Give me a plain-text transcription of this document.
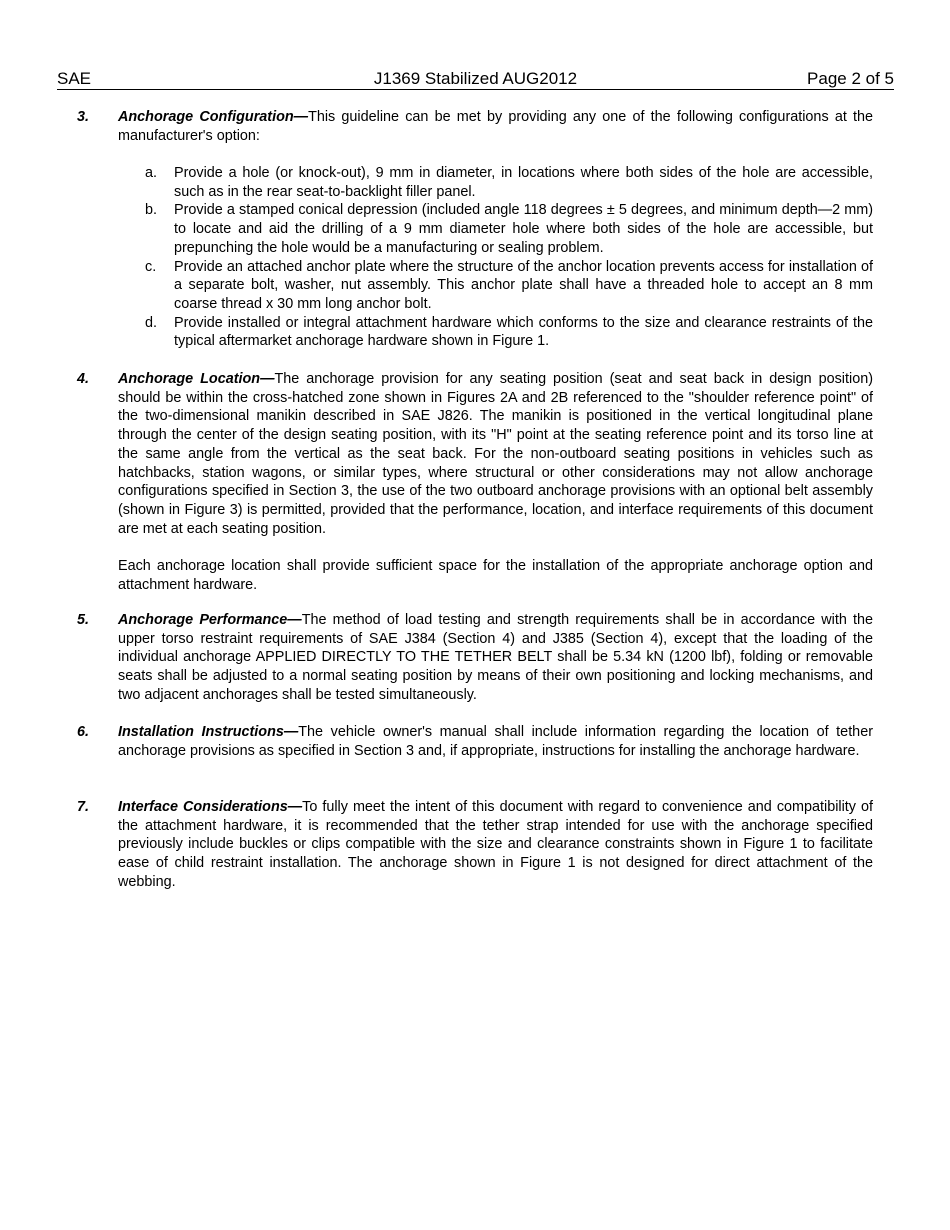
SAE	J1369 Stabilized AUG2012	Page 2 of 5
3. Anchorage Configuration—This guideline can be met by providing any one of the following configurations at the manufacturer's option:
a. Provide a hole (or knock-out), 9 mm in diameter, in locations where both sides of the hole are accessible, such as in the rear seat-to-backlight filler panel.
b. Provide a stamped conical depression (included angle 118 degrees ± 5 degrees, and minimum depth—2 mm) to locate and aid the drilling of a 9 mm diameter hole where both sides of the hole are accessible, but prepunching the hole would be a manufacturing or sealing problem.
c. Provide an attached anchor plate where the structure of the anchor location prevents access for installation of a separate bolt, washer, nut assembly. This anchor plate shall have a threaded hole to accept an 8 mm coarse thread x 30 mm long anchor bolt.
d. Provide installed or integral attachment hardware which conforms to the size and clearance restraints of the typical aftermarket anchorage hardware shown in Figure 1.
4. Anchorage Location—The anchorage provision for any seating position (seat and seat back in design position) should be within the cross-hatched zone shown in Figures 2A and 2B referenced to the "shoulder reference point" of the two-dimensional manikin described in SAE J826. The manikin is positioned in the vertical longitudinal plane through the center of the design seating position, with its "H" point at the seating reference point and its torso line at the same angle from the vertical as the seat back. For the non-outboard seating positions in vehicles such as hatchbacks, station wagons, or similar types, where structural or other considerations may not allow anchorage configurations specified in Section 3, the use of the two outboard anchorage provisions with an optional belt assembly (shown in Figure 3) is permitted, provided that the performance, location, and interface requirements of this document are met at each seating position.
Each anchorage location shall provide sufficient space for the installation of the appropriate anchorage option and attachment hardware.
5. Anchorage Performance—The method of load testing and strength requirements shall be in accordance with the upper torso restraint requirements of SAE J384 (Section 4) and J385 (Section 4), except that the loading of the individual anchorage APPLIED DIRECTLY TO THE TETHER BELT shall be 5.34 kN (1200 lbf), folding or removable seats shall be adjusted to a normal seating position by means of their own positioning and locking mechanisms, and two adjacent anchorages shall be tested simultaneously.
6. Installation Instructions—The vehicle owner's manual shall include information regarding the location of tether anchorage provisions as specified in Section 3 and, if appropriate, instructions for installing the anchorage hardware.
7. Interface Considerations—To fully meet the intent of this document with regard to convenience and compatibility of the attachment hardware, it is recommended that the tether strap intended for use with the anchorage specified previously include buckles or clips compatible with the size and clearance constraints shown in Figure 1 to facilitate ease of child restraint installation. The anchorage shown in Figure 1 is not designed for direct attachment of the webbing.
